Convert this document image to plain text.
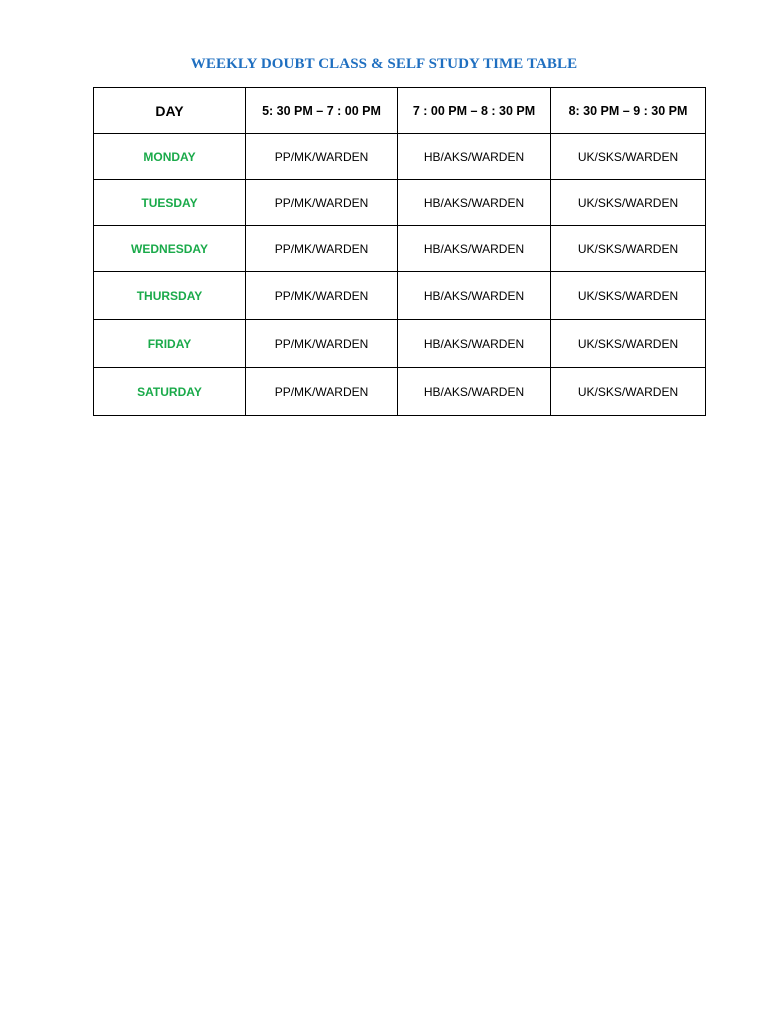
WEEKLY DOUBT CLASS & SELF STUDY TIME TABLE
DAY	5: 30 PM – 7 : 00 PM	7 : 00 PM – 8 : 30 PM	8: 30 PM – 9 : 30 PM
MONDAY	PP/MK/WARDEN	HB/AKS/WARDEN	UK/SKS/WARDEN
TUESDAY	PP/MK/WARDEN	HB/AKS/WARDEN	UK/SKS/WARDEN
WEDNESDAY	PP/MK/WARDEN	HB/AKS/WARDEN	UK/SKS/WARDEN
THURSDAY	PP/MK/WARDEN	HB/AKS/WARDEN	UK/SKS/WARDEN
FRIDAY	PP/MK/WARDEN	HB/AKS/WARDEN	UK/SKS/WARDEN
SATURDAY	PP/MK/WARDEN	HB/AKS/WARDEN	UK/SKS/WARDEN
